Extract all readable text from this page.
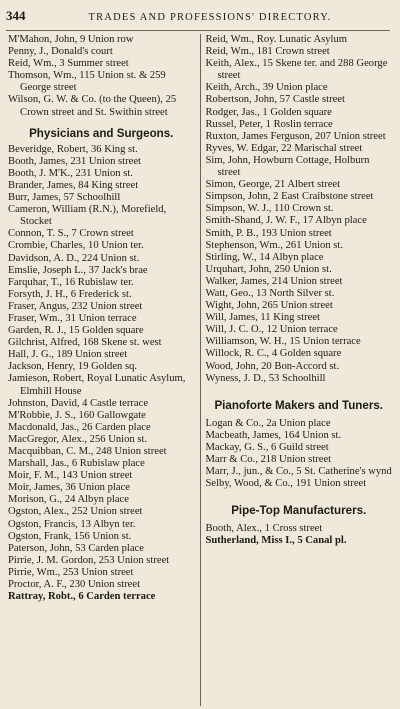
344	TRADES AND PROFESSIONS' DIRECTORY.

M'Mahon, John, 9 Union row

Penny, J., Donald's court

Reid, Wm., 3 Summer street

Thomson, Wm., 115 Union st. & 259 George street

Wilson, G. W. & Co. (to the Queen), 25 Crown street and St. Swithin street

Physicians and Surgeons.

Beveridge, Robert, 36 King st.

Booth, James, 231 Union street

Booth, J. M'K., 231 Union st.

Brander, James, 84 King street

Burr, James, 57 Schoolhill

Cameron, William (R.N.), Morefield, Stocket

Connon, T. S., 7 Crown street

Crombie, Charles, 10 Union ter.

Davidson, A. D., 224 Union st.

Emslie, Joseph L., 37 Jack's brae

Farquhar, T., 16 Rubislaw ter.

Forsyth, J. H., 6 Frederick st.

Fraser, Angus, 232 Union street

Fraser, Wm., 31 Union terrace

Garden, R. J., 15 Golden square

Gilchrist, Alfred, 168 Skene st. west

Hall, J. G., 189 Union street

Jackson, Henry, 19 Golden sq.

Jamieson, Robert, Royal Lunatic Asylum, Elmhill House

Johnston, David, 4 Castle terrace

M'Robbie, J. S., 160 Gallowgate

Macdonald, Jas., 26 Carden place

MacGregor, Alex., 256 Union st.

Macquibban, C. M., 248 Union street

Marshall, Jas., 6 Rubislaw place

Moir, F. M., 143 Union street

Moir, James, 36 Union place

Morison, G., 24 Albyn place

Ogston, Alex., 252 Union street

Ogston, Francis, 13 Albyn ter.

Ogston, Frank, 156 Union st.

Paterson, John, 53 Carden place

Pirrie, J. M. Gordon, 253 Union street

Pirrie, Wm., 253 Union street

Proctor, A. F., 230 Union street

Rattray, Robt., 6 Carden terrace

Reid, Wm., Roy. Lunatic Asylum

Reid, Wm., 181 Crown street

Keith, Alex., 15 Skene ter. and 288 George street

Keith, Arch., 39 Union place

Robertson, John, 57 Castle street

Rodger, Jas., 1 Golden square

Russel, Peter, 1 Roslin terrace

Ruxton, James Ferguson, 207 Union street

Ryves, W. Edgar, 22 Marischal street

Sim, John, Howburn Cottage, Holburn street

Simon, George, 21 Albert street

Simpson, John, 2 East Craibstone street

Simpson, W. J., 110 Crown st.

Smith-Shand, J. W. F., 17 Albyn place

Smith, P. B., 193 Union street

Stephenson, Wm., 261 Union st.

Stirling, W., 14 Albyn place

Urquhart, John, 250 Union st.

Walker, James, 214 Union street

Watt, Geo., 13 North Silver st.

Wight, John, 265 Union street

Will, James, 11 King street

Will, J. C. O., 12 Union terrace

Williamson, W. H., 15 Union terrace

Willock, R. C., 4 Golden square

Wood, John, 20 Bon-Accord st.

Wyness, J. D., 53 Schoolhill

Pianoforte Makers and Tuners.

Logan & Co., 2a Union place

Macbeath, James, 164 Union st.

Mackay, G. S., 6 Guild street

Marr & Co., 218 Union street

Marr, J., jun., & Co., 5 St. Catherine's wynd

Selby, Wood, & Co., 191 Union street

Pipe-Top Manufacturers.

Booth, Alex., 1 Cross street

Sutherland, Miss I., 5 Canal pl.
